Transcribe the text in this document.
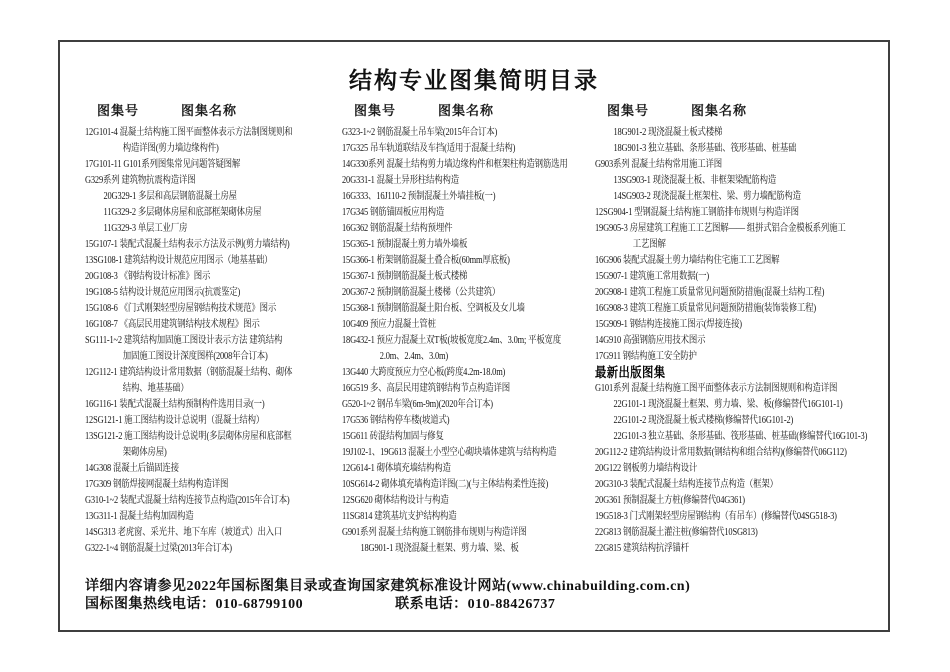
结构专业图集简明目录
图集号	图集名称
12G101-4 混凝土结构施工图平面整体表示方法制图规则和
构造详图(剪力墙边缘构件)
17G101-11 G101系列图集常见问题答疑图解
G329系列 建筑物抗震构造详图
20G329-1 多层和高层钢筋混凝土房屋
11G329-2 多层砌体房屋和底部框架砌体房屋
11G329-3 单层工业厂房
15G107-1 装配式混凝土结构表示方法及示例(剪力墙结构)
13SG108-1 建筑结构设计规范应用图示（地基基础）
20G108-3 《钢结构设计标准》图示
19G108-5 结构设计规范应用图示(抗震鉴定)
15G108-6 《门式刚架轻型房屋钢结构技术规范》图示
16G108-7 《高层民用建筑钢结构技术规程》图示
SG111-1~2 建筑结构加固施工图设计表示方法 建筑结构
加固施工图设计深度图样(2008年合订本)
12G112-1 建筑结构设计常用数据（钢筋混凝土结构、砌体
结构、地基基础）
16G116-1 装配式混凝土结构预制构件选用目录(一)
12SG121-1 施工图结构设计总说明（混凝土结构）
13SG121-2 施工图结构设计总说明(多层砌体房屋和底部框
架砌体房屋)
14G308 混凝土后锚固连接
17G309 钢筋焊接网混凝土结构构造详图
G310-1~2 装配式混凝土结构连接节点构造(2015年合订本)
13G311-1 混凝土结构加固构造
14SG313 老虎窗、采光井、地下车库（坡道式）出入口
G322-1~4 钢筋混凝土过梁(2013年合订本)
图集号	图集名称
G323-1~2 钢筋混凝土吊车梁(2015年合订本)
17G325 吊车轨道联结及车挡(适用于混凝土结构)
14G330系列 混凝土结构剪力墙边缘构件和框架柱构造钢筋选用
20G331-1 混凝土异形柱结构构造
16G333、16J110-2 预制混凝土外墙挂板(一)
17G345 钢筋锚固板应用构造
16G362 钢筋混凝土结构预埋件
15G365-1 预制混凝土剪力墙外墙板
15G366-1 桁架钢筋混凝土叠合板(60mm厚底板)
15G367-1 预制钢筋混凝土板式楼梯
20G367-2 预制钢筋混凝土楼梯（公共建筑）
15G368-1 预制钢筋混凝土阳台板、空调板及女儿墙
10G409 预应力混凝土管桩
18G432-1 预应力混凝土双T板(坡板宽度2.4m、3.0m; 平板宽度
2.0m、2.4m、3.0m)
13G440 大跨度预应力空心板(跨度4.2m-18.0m)
16G519 多、高层民用建筑钢结构节点构造详图
G520-1~2 钢吊车梁(6m-9m)(2020年合订本)
17G536 钢结构停车楼(坡道式)
15G611 砖混结构加固与修复
19J102-1、19G613 混凝土小型空心砌块墙体建筑与结构构造
12G614-1 砌体填充墙结构构造
10SG614-2 砌体填充墙构造详图(二)(与主体结构柔性连接)
12SG620 砌体结构设计与构造
11SG814 建筑基坑支护结构构造
G901系列 混凝土结构施工钢筋排布规则与构造详图
18G901-1 现浇混凝土框架、剪力墙、梁、板
图集号	图集名称
18G901-2 现浇混凝土板式楼梯
18G901-3 独立基础、条形基础、筏形基础、桩基础
G903系列 混凝土结构常用施工详图
13SG903-1 现浇混凝土板、非框架梁配筋构造
14SG903-2 现浇混凝土框架柱、梁、剪力墙配筋构造
12SG904-1 型钢混凝土结构施工钢筋排布规则与构造详图
19G905-3 房屋建筑工程施工工艺图解—— 组拼式铝合金模板系列施工
工艺图解
16G906 装配式混凝土剪力墙结构住宅施工工艺图解
15G907-1 建筑施工常用数据(一)
20G908-1 建筑工程施工质量常见问题预防措施(混凝土结构工程)
16G908-3 建筑工程施工质量常见问题预防措施(装饰装修工程)
15G909-1 钢结构连接施工图示(焊接连接)
14G910 高强钢筋应用技术图示
17G911 钢结构施工安全防护
最新出版图集
G101系列 混凝土结构施工图平面整体表示方法制图规则和构造详图
22G101-1 现浇混凝土框架、剪力墙、梁、板(修编替代16G101-1)
22G101-2 现浇混凝土板式楼梯(修编替代16G101-2)
22G101-3 独立基础、条形基础、筏形基础、桩基础(修编替代16G101-3)
20G112-2 建筑结构设计常用数据(钢结构和组合结构)(修编替代06G112)
20G122 钢板剪力墙结构设计
20G310-3 装配式混凝土结构连接节点构造（框架）
20G361 预制混凝土方桩(修编替代04G361)
19G518-3 门式刚架轻型房屋钢结构（有吊车）(修编替代04SG518-3)
22G813 钢筋混凝土灌注桩(修编替代10SG813)
22G815 建筑结构抗浮锚杆
详细内容请参见2022年国标图集目录或查询国家建筑标准设计网站(www.chinabuilding.com.cn)
国标图集热线电话：010-68799100	联系电话：010-88426737
